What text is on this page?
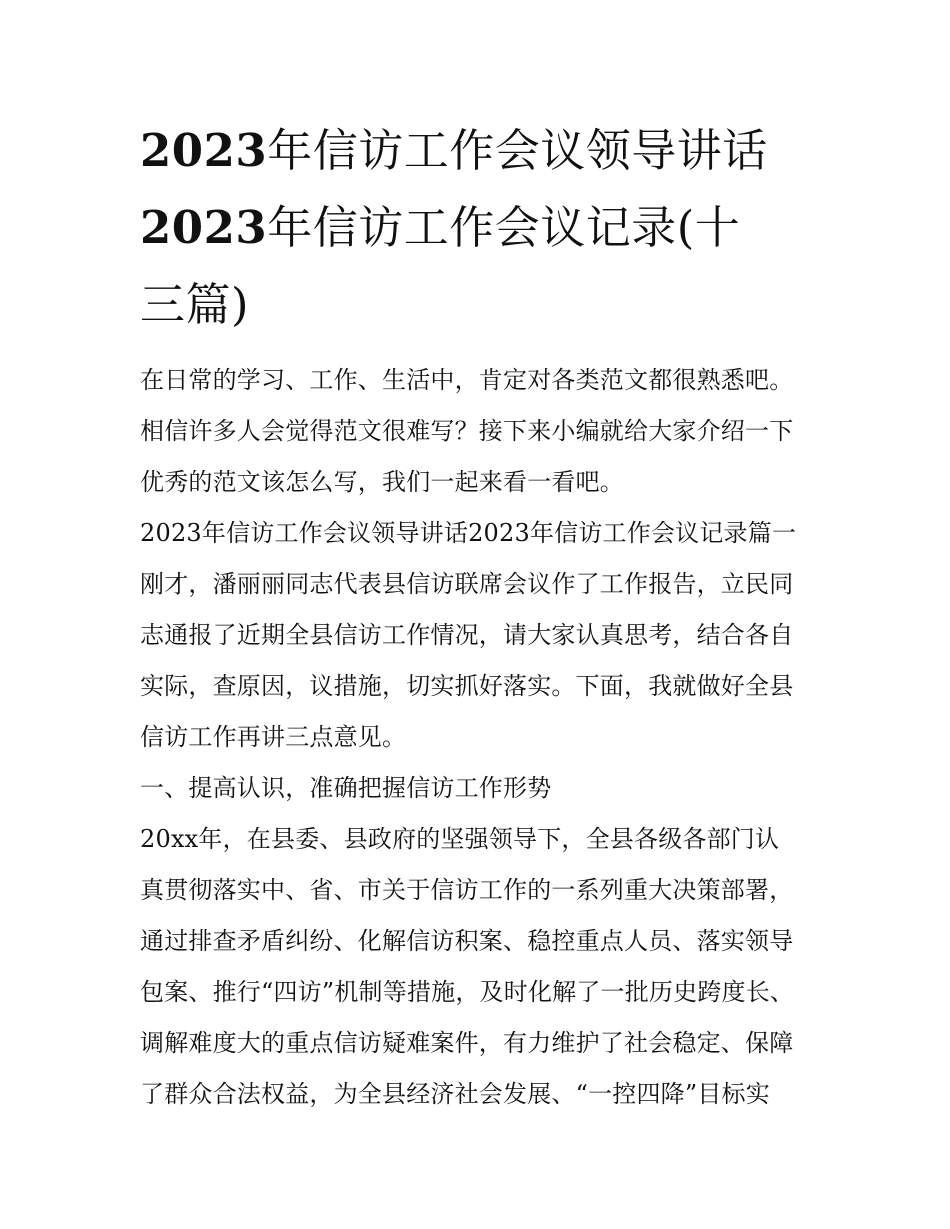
2023年信访工作会议领导讲话
2023年信访工作会议记录(十
三篇)
在日常的学习、工作、生活中，肯定对各类范文都很熟悉吧。
相信许多人会觉得范文很难写？接下来小编就给大家介绍一下
优秀的范文该怎么写，我们一起来看一看吧。
2023年信访工作会议领导讲话2023年信访工作会议记录篇一
刚才，潘丽丽同志代表县信访联席会议作了工作报告，立民同
志通报了近期全县信访工作情况，请大家认真思考，结合各自
实际，查原因，议措施，切实抓好落实。下面，我就做好全县
信访工作再讲三点意见。
一、提高认识，准确把握信访工作形势
20xx年，在县委、县政府的坚强领导下，全县各级各部门认
真贯彻落实中、省、市关于信访工作的一系列重大决策部署，
通过排查矛盾纠纷、化解信访积案、稳控重点人员、落实领导
包案、推行“四访”机制等措施，及时化解了一批历史跨度长、
调解难度大的重点信访疑难案件，有力维护了社会稳定、保障
了群众合法权益，为全县经济社会发展、“一控四降”目标实
